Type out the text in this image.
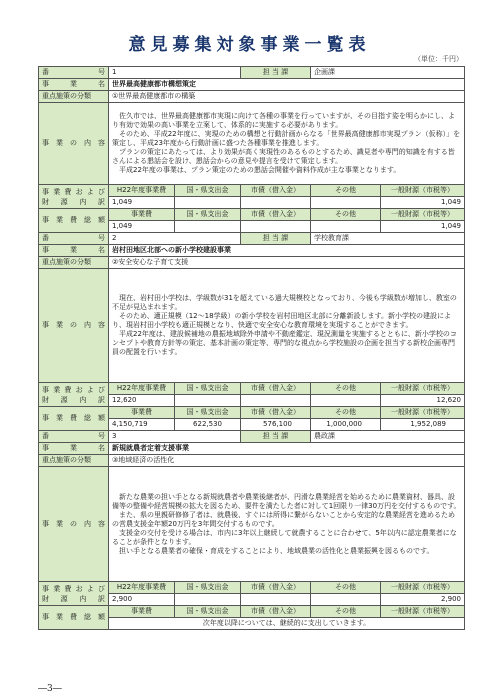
意見募集対象事業一覧表
（単位：千円）
番　　　　号	1		担 当 課	企画課	
事　業　名	世界最高健康都市構想策定				
重点施策の分類	①世界最高健康都市の構築				
事業の内容	佐久市では、世界最高健康都市実現に向けて各種の事業を行っていますが、その目指す姿を明らかにし、より有効で効果の高い事業を立案して、体系的に実施する必要があります。

そのため、平成22年度に、実現のための構想と行動計画からなる「世界最高健康都市実現プラン（仮称）」を策定し、平成23年度から行動計画に盛つた各種事業を推進します。

プランの策定にあたっては、より効果が高く実現性のあるものとするため、識見者や専門的知識を有する皆さんによる懇話会を設け、懇話会からの意見や提言を受けて策定します。

平成22年度の事業は、プラン策定のための懇話会開催や資料作成が主な事業となります。				

事業費および
財源内訳	H22年度事業費	国・県支出金	市債（借入金）	その他	一般財源（市税等）
	1,049				1,049
事業費総額	事業費	国・県支出金	市債（借入金）	その他	一般財源（市税等）
	1,049				1,049
番　　　　号	2		担 当 課	学校教育課	
事　業　名	岩村田地区北部への新小学校建設事業				
重点施策の分類	②安全安心な子育て支援				
事業の内容	現在、岩村田小学校は、学級数が31を超えている過大規模校となっており、今後も学級数が増加し、教室の不足が見込まれます。

そのため、適正規模（12～18学級）の新小学校を岩村田地区北部に分離新設します。新小学校の建設により、現岩村田小学校も適正規模となり、快適で安全安心な教育環境を実現することができます。

平成22年度は、建設候補地の農振地域除外申請や不動産鑑定、現況測量を実施するとともに、新小学校のコンセプトや教育方針等の策定、基本計画の策定等、専門的な視点から学校施設の企画を担当する新校企画専門員の配置を行います。				

事業費および
財源内訳	H22年度事業費	国・県支出金	市債（借入金）	その他	一般財源（市税等）
	12,620				12,620
事業費総額	事業費	国・県支出金	市債（借入金）	その他	一般財源（市税等）
	4,150,719	622,530	576,100	1,000,000	1,952,089
番　　　　号	3		担 当 課	農政課	
事　業　名	新規就農者定着支援事業				
重点施策の分類	③地域経済の活性化				
事業の内容	新たな農業の担い手となる新規就農者や農業後継者が、円滑な農業経営を始めるために農業資材、器具、設備等の整備や経営規模の拡大を図るため、要件を満たした者に対して1回限り一律30万円を交付するものです。

また、県の里親研修修了者は、就農後、すぐには所得に繋がらないことから安定的な農業経営を進めるための営農支援金年額20万円を3年間交付するものです。

支援金の交付を受ける場合は、市内に3年以上継続して就農することに合わせて、5年以内に認定農業者になることが条件となります。

担い手となる農業者の確保・育成をすることにより、地域農業の活性化と農業振興を図るものです。				

事業費および
財源内訳	H22年度事業費	国・県支出金	市債（借入金）	その他	一般財源（市税等）
	2,900				2,900
事業費総額	事業費	国・県支出金	市債（借入金）	その他	一般財源（市税等）
	次年度以降については、継続的に支出していきます。				
―3―
